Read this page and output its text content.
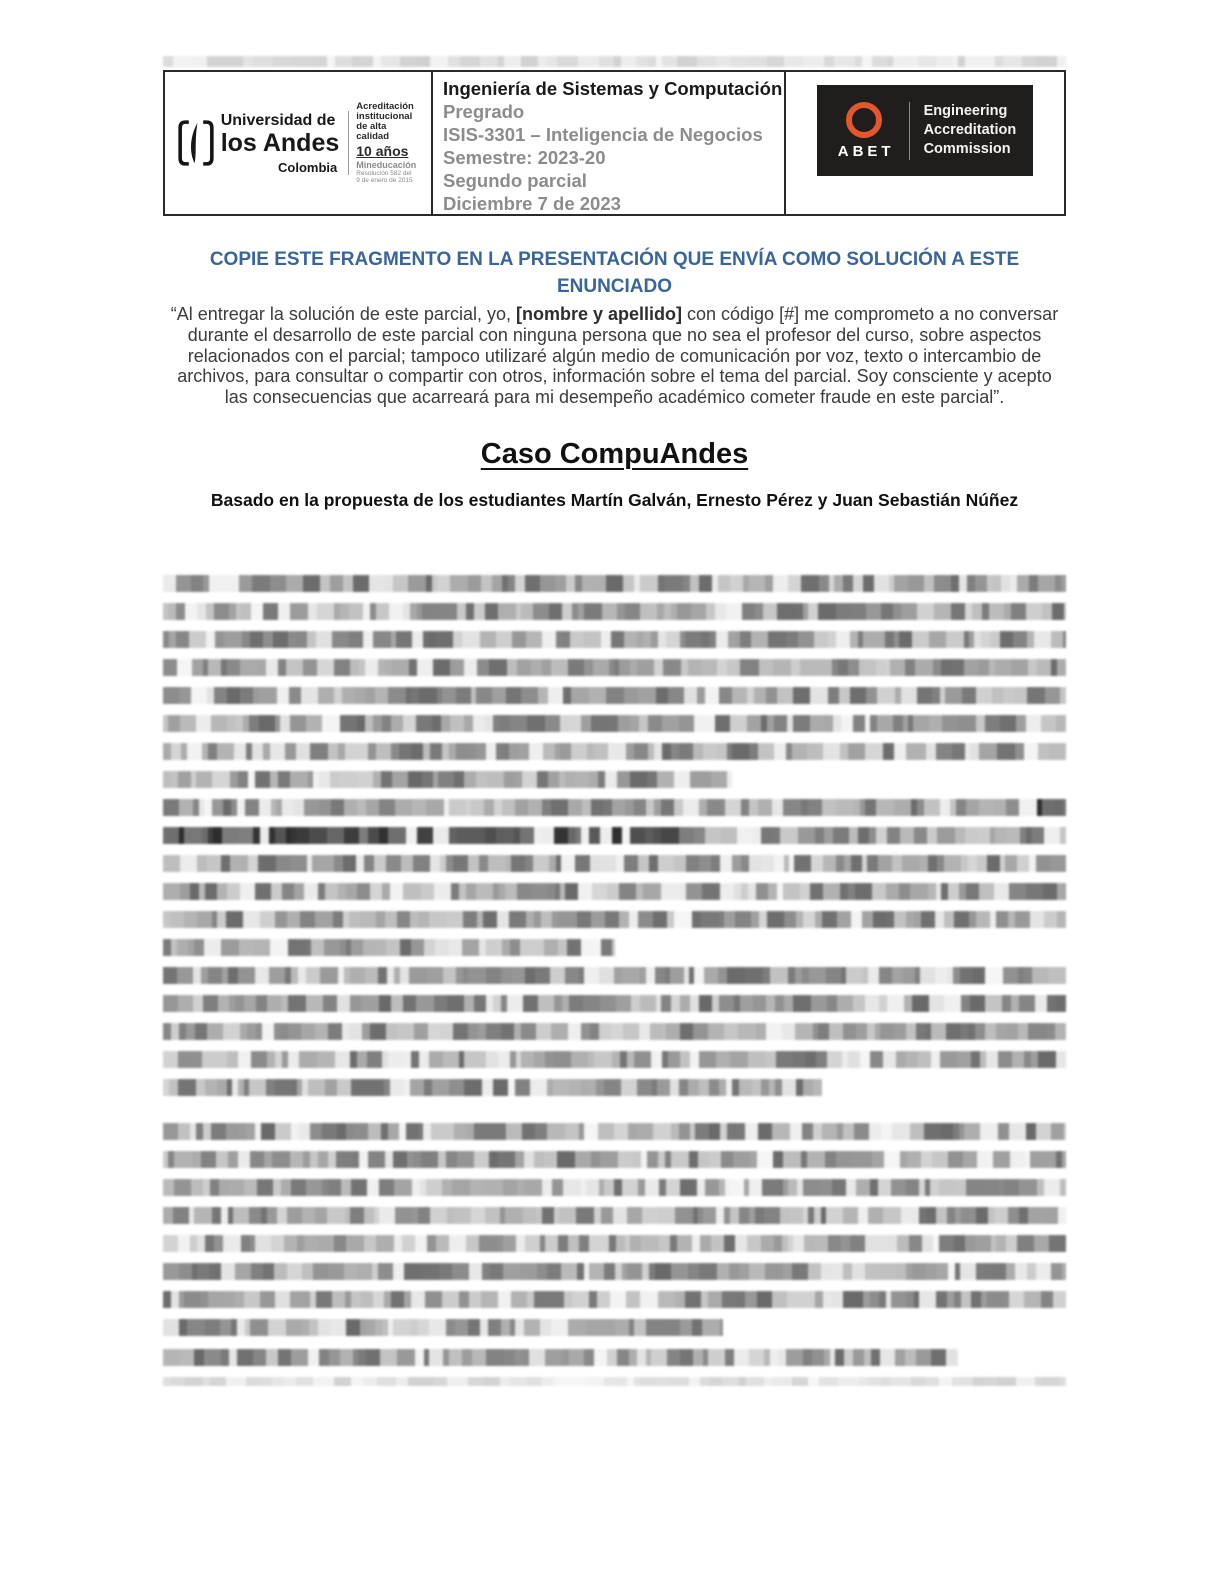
Universidad de
los Andes
Colombia
Acreditación
institucional
de alta calidad
10 años
Mineducación
Resolución 582 del
9 de enero de 2015
Ingeniería de Sistemas y Computación
Pregrado
ISIS-3301 – Inteligencia de Negocios
Semestre: 2023-20
Segundo parcial
Diciembre 7 de 2023
ABET
Engineering
Accreditation
Commission
COPIE ESTE FRAGMENTO EN LA PRESENTACIÓN QUE ENVÍA COMO SOLUCIÓN A ESTE ENUNCIADO
“Al entregar la solución de este parcial, yo, [nombre y apellido] con código [#] me comprometo a no conversar durante el desarrollo de este parcial con ninguna persona que no sea el profesor del curso, sobre aspectos relacionados con el parcial; tampoco utilizaré algún medio de comunicación por voz, texto o intercambio de archivos, para consultar o compartir con otros, información sobre el tema del parcial. Soy consciente y acepto las consecuencias que acarreará para mi desempeño académico cometer fraude en este parcial”.
Caso CompuAndes
Basado en la propuesta de los estudiantes Martín Galván, Ernesto Pérez y Juan Sebastián Núñez
